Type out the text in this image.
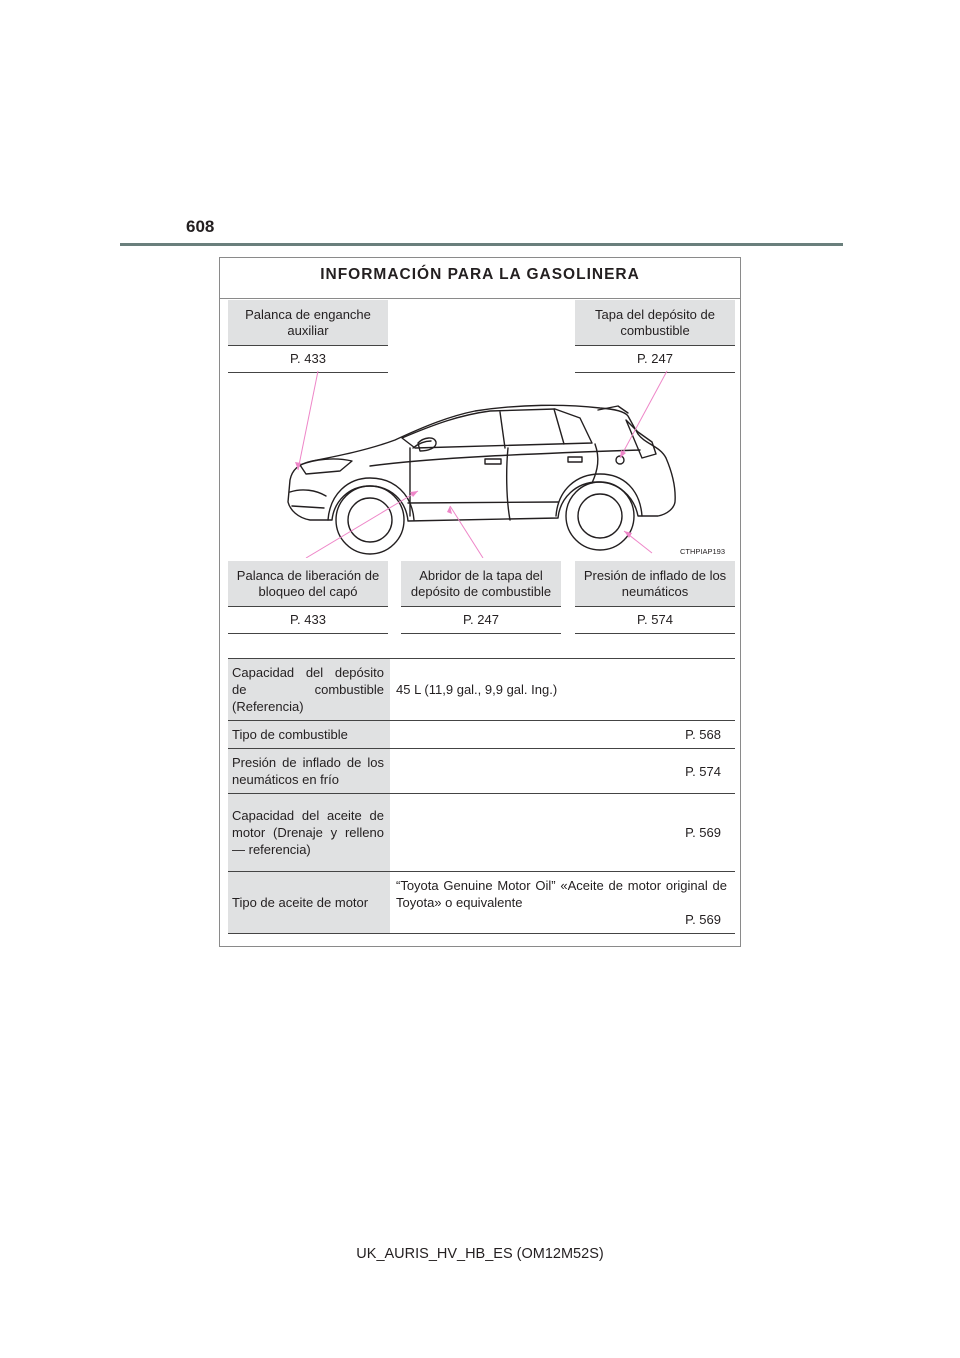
608
INFORMACIÓN PARA LA GASOLINERA
Palanca de enganche auxiliar
P. 433
Tapa del depósito de combustible
P. 247
CTHPIAP193
Palanca de liberación de bloqueo del capó
P. 433
Abridor de la tapa del depósito de combustible
P. 247
Presión de inflado de los neumáticos
P. 574
Capacidad del depósito de combustible (Referencia)	45 L (11,9 gal., 9,9 gal. Ing.)
Tipo de combustible	P. 568
Presión de inflado de los neumáticos en frío	P. 574
Capacidad del aceite de motor (Drenaje y relleno — referencia)	P. 569
Tipo de aceite de motor	“Toyota Genuine Motor Oil” «Aceite de motor original de Toyota» o equivalente
P. 569
UK_AURIS_HV_HB_ES (OM12M52S)
